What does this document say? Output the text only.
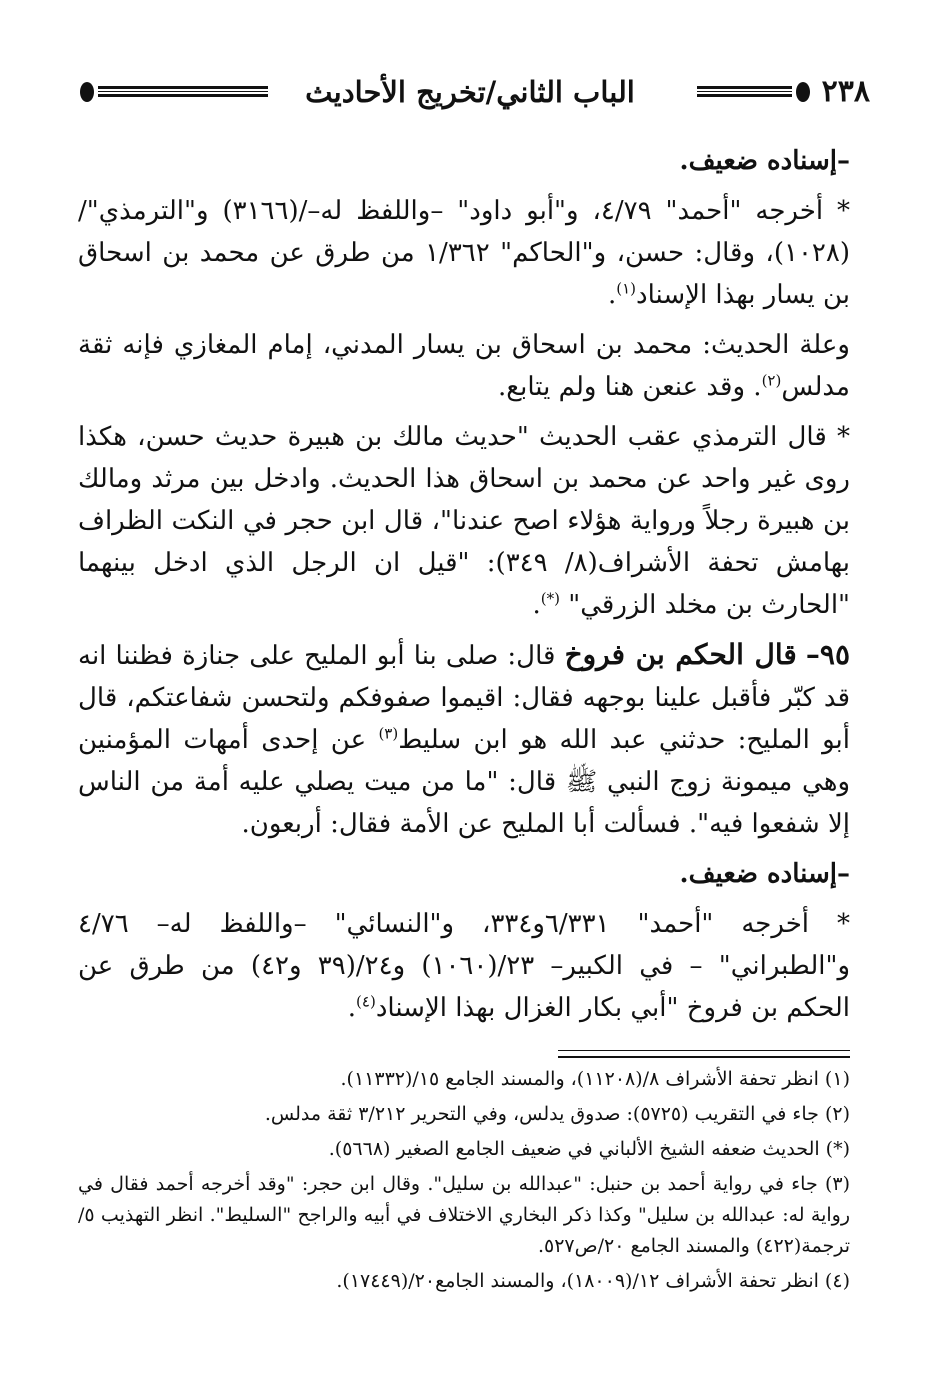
٢٣٨
الباب الثاني/تخريج الأحاديث

–إسناده ضعيف.

* أخرجه "أحمد" ٤/٧٩، و"أبو داود" –واللفظ له–/(٣١٦٦) و"الترمذي"/ (١٠٢٨)، وقال: حسن، و"الحاكم" ١/٣٦٢ من طرق عن محمد بن اسحاق بن يسار بهذا الإسناد$^{(١)}$.

وعلة الحديث: محمد بن اسحاق بن يسار المدني، إمام المغازي فإنه ثقة مدلس$^{(٢)}$. وقد عنعن هنا ولم يتابع.

* قال الترمذي عقب الحديث "حديث مالك بن هبيرة حديث حسن، هكذا روى غير واحد عن محمد بن اسحاق هذا الحديث. وادخل بين مرثد ومالك بن هبيرة رجلاً ورواية هؤلاء اصح عندنا"، قال ابن حجر في النكت الظراف بهامش تحفة الأشراف(٨/ ٣٤٩): "قيل ان الرجل الذي ادخل بينهما "الحارث بن مخلد الزرقي" (*).

٩٥– قال الحكم بن فروخ قال: صلى بنا أبو المليح على جنازة فظننا انه قد كبّر فأقبل علينا بوجهه فقال: اقيموا صفوفكم ولتحسن شفاعتكم، قال أبو المليح: حدثني عبد الله هو ابن سليط$^{(٣)}$ عن إحدى أمهات المؤمنين وهي ميمونة زوج النبي ﷺ قال: "ما من ميت يصلي عليه أمة من الناس إلا شفعوا فيه". فسألت أبا المليح عن الأمة فقال: أربعون.

–إسناده ضعيف.

* أخرجه "أحمد" ٦/٣٣١و٣٣٤، و"النسائي" –واللفظ له– ٤/٧٦ و"الطبراني" – في الكبير– ٢٣/(١٠٦٠) و٢٤/(٣٩ و٤٢) من طرق عن الحكم بن فروخ "أبي بكار الغزال بهذا الإسناد$^{(٤)}$.

(١) انظر تحفة الأشراف ٨/(١١٢٠٨)، والمسند الجامع ١٥/(١١٣٣٢).

(٢) جاء في التقريب (٥٧٢٥): صدوق يدلس، وفي التحرير ٣/٢١٢ ثقة مدلس.

(*) الحديث ضعفه الشيخ الألباني في ضعيف الجامع الصغير (٥٦٦٨).

(٣) جاء في رواية أحمد بن حنبل: "عبدالله بن سليل". وقال ابن حجر: "وقد أخرجه أحمد فقال في رواية له: عبدالله بن سليل" وكذا ذكر البخاري الاختلاف في أبيه والراجح "السليط". انظر التهذيب ٥/ترجمة(٤٢٢) والمسند الجامع ٢٠/ص٥٢٧.

(٤) انظر تحفة الأشراف ١٢/(١٨٠٠٩)، والمسند الجامع٢٠/(١٧٤٤٩).
